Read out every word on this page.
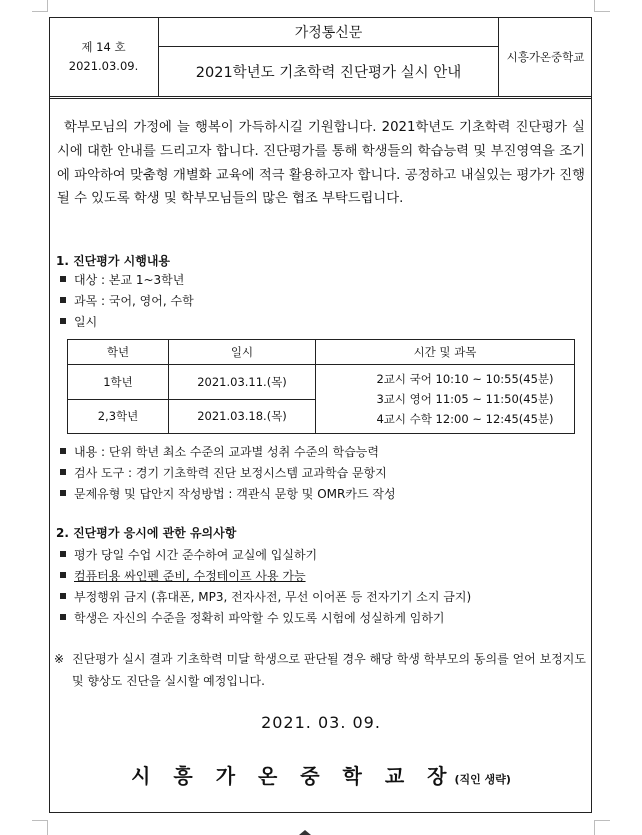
제 14 호
2021.03.09.
가정통신문
2021학년도 기초학력 진단평가 실시 안내
시흥가온중학교
학부모님의 가정에 늘 행복이 가득하시길 기원합니다. 2021학년도 기초학력 진단평가 실시에 대한 안내를 드리고자 합니다. 진단평가를 통해 학생들의 학습능력 및 부진영역을 조기에 파악하여 맞춤형 개별화 교육에 적극 활용하고자 합니다. 공정하고 내실있는 평가가 진행될 수 있도록 학생 및 학부모님들의 많은 협조 부탁드립니다.
1. 진단평가 시행내용
대상 : 본교 1~3학년
과목 : 국어, 영어, 수학
일시
학년	일시	시간 및 과목
1학년	2021.03.11.(목)	2교시 국어 10:10 ~ 10:55(45분)
3교시 영어 11:05 ~ 11:50(45분)
4교시 수학 12:00 ~ 12:45(45분)

2,3학년	2021.03.18.(목)	
내용 : 단위 학년 최소 수준의 교과별 성취 수준의 학습능력
검사 도구 : 경기 기초학력 진단 보정시스템 교과학습 문항지
문제유형 및 답안지 작성방법 : 객관식 문항 및 OMR카드 작성
2. 진단평가 응시에 관한 유의사항
평가 당일 수업 시간 준수하여 교실에 입실하기
컴퓨터용 싸인펜 준비, 수정테이프 사용 가능
부정행위 금지 (휴대폰, MP3, 전자사전, 무선 이어폰 등 전자기기 소지 금지)
학생은 자신의 수준을 정확히 파악할 수 있도록 시험에 성실하게 임하기
※ 진단평가 실시 결과 기초학력 미달 학생으로 판단될 경우 해당 학생 학부모의 동의를 얻어 보정지도 및 향상도 진단을 실시할 예정입니다.
2021. 03. 09.
시 흥 가 온 중 학 교 장(직인 생략)
